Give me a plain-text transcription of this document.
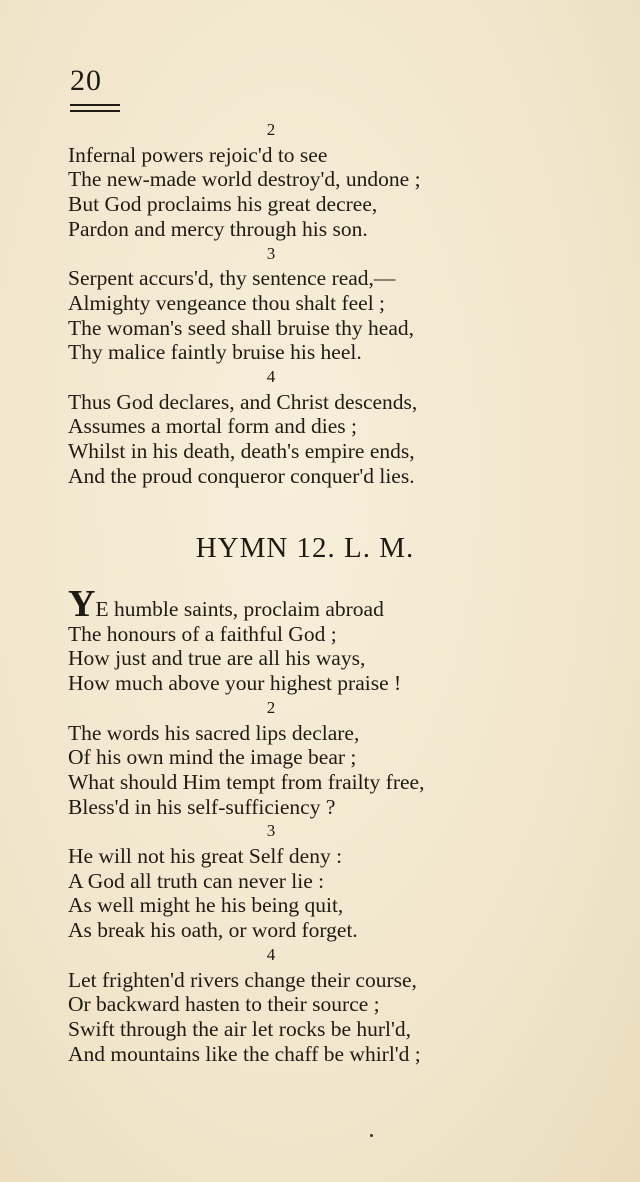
20
2
Infernal powers rejoic'd to see
The new-made world destroy'd, undone ;
But God proclaims his great decree,
Pardon and mercy through his son.
3
Serpent accurs'd, thy sentence read,—
Almighty vengeance thou shalt feel ;
The woman's seed shall bruise thy head,
Thy malice faintly bruise his heel.
4
Thus God declares, and Christ descends,
Assumes a mortal form and dies ;
Whilst in his death, death's empire ends,
And the proud conqueror conquer'd lies.
HYMN 12. L. M.
YE humble saints, proclaim abroad
The honours of a faithful God ;
How just and true are all his ways,
How much above your highest praise !
2
The words his sacred lips declare,
Of his own mind the image bear ;
What should Him tempt from frailty free,
Bless'd in his self-sufficiency ?
3
He will not his great Self deny :
A God all truth can never lie :
As well might he his being quit,
As break his oath, or word forget.
4
Let frighten'd rivers change their course,
Or backward hasten to their source ;
Swift through the air let rocks be hurl'd,
And mountains like the chaff be whirl'd ;
